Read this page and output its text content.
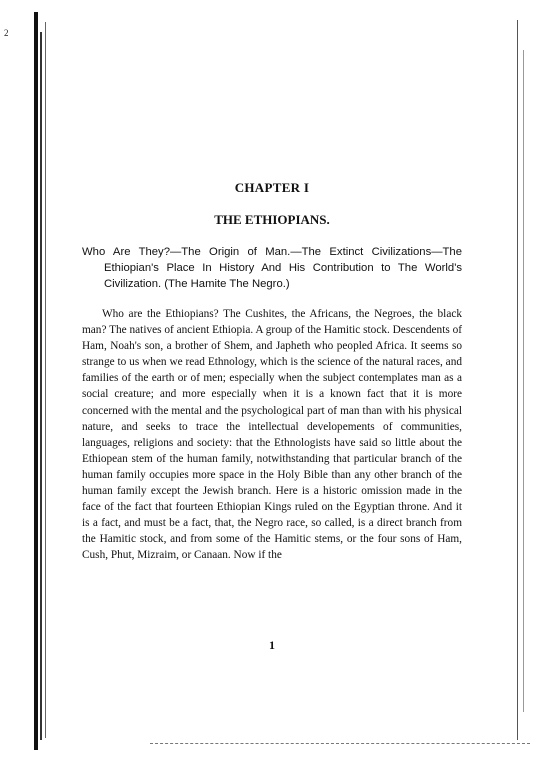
2
CHAPTER I
THE ETHIOPIANS.

Who Are They?—The Origin of Man.—The Extinct Civilizations—The Ethiopian's Place In History And His Contribution to The World's Civilization. (The Hamite The Negro.)

Who are the Ethiopians? The Cushites, the Africans, the Negroes, the black man? The natives of ancient Ethiopia. A group of the Hamitic stock. Descendents of Ham, Noah's son, a brother of Shem, and Japheth who peopled Africa. It seems so strange to us when we read Ethnology, which is the science of the natural races, and families of the earth or of men; especially when the subject contemplates man as a social creature; and more especially when it is a known fact that it is more concerned with the mental and the psychological part of man than with his physical nature, and seeks to trace the intellectual developements of communities, languages, religions and society: that the Ethnologists have said so little about the Ethiopean stem of the human family, notwithstanding that particular branch of the human family occupies more space in the Holy Bible than any other branch of the human family except the Jewish branch. Here is a historic omission made in the face of the fact that fourteen Ethiopian Kings ruled on the Egyptian throne. And it is a fact, and must be a fact, that, the Negro race, so called, is a direct branch from the Hamitic stock, and from some of the Hamitic stems, or the four sons of Ham, Cush, Phut, Mizraim, or Canaan. Now if the

1
